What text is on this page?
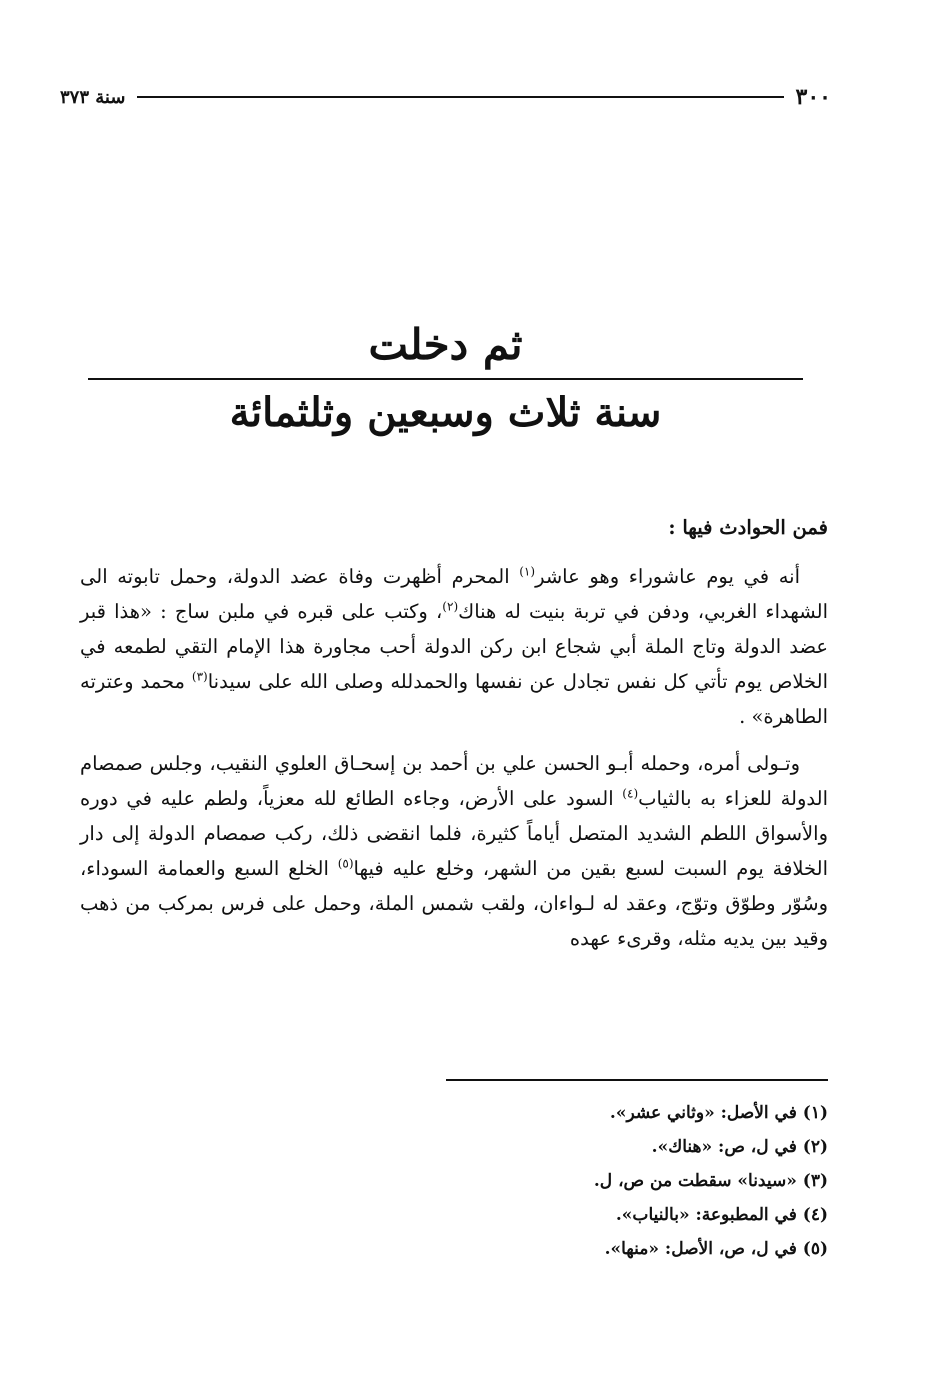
٣٠٠
سنة ٣٧٣
ثم دخلت
سنة ثلاث وسبعين وثلثمائة

فمن الحوادث فيها :

أنه في يوم عاشوراء وهو عاشر$^{(١)}$ المحرم أظهرت وفاة عضد الدولة، وحمل تابوته الى الشهداء الغربي، ودفن في تربة بنيت له هناك$^{(٢)}$، وكتب على قبره في ملبن ساج : «هذا قبر عضد الدولة وتاج الملة أبي شجاع ابن ركن الدولة أحب مجاورة هذا الإمام التقي لطمعه في الخلاص يوم تأتي كل نفس تجادل عن نفسها والحمدلله وصلى الله على سيدنا$^{(٣)}$ محمد وعترته الطاهرة» .

وتـولى أمره، وحمله أبـو الحسن علي بن أحمد بن إسحـاق العلوي النقيب، وجلس صمصام الدولة للعزاء به بالثياب$^{(٤)}$ السود على الأرض، وجاءه الطائع لله معزياً، ولطم عليه في دوره والأسواق اللطم الشديد المتصل أياماً كثيرة، فلما انقضى ذلك، ركب صمصام الدولة إلى دار الخلافة يوم السبت لسبع بقين من الشهر، وخلع عليه فيها$^{(٥)}$ الخلع السبع والعمامة السوداء، وسُوّر وطوّق وتوّج، وعقد له لـواءان، ولقب شمس الملة، وحمل على فرس بمركب من ذهب وقيد بين يديه مثله، وقرىء عهده

(١) في الأصل: «وثاني عشر».

(٢) في ل، ص: «هناك».

(٣) «سيدنا» سقطت من ص، ل.

(٤) في المطبوعة: «بالنياب».

(٥) في ل، ص، الأصل: «منها».
